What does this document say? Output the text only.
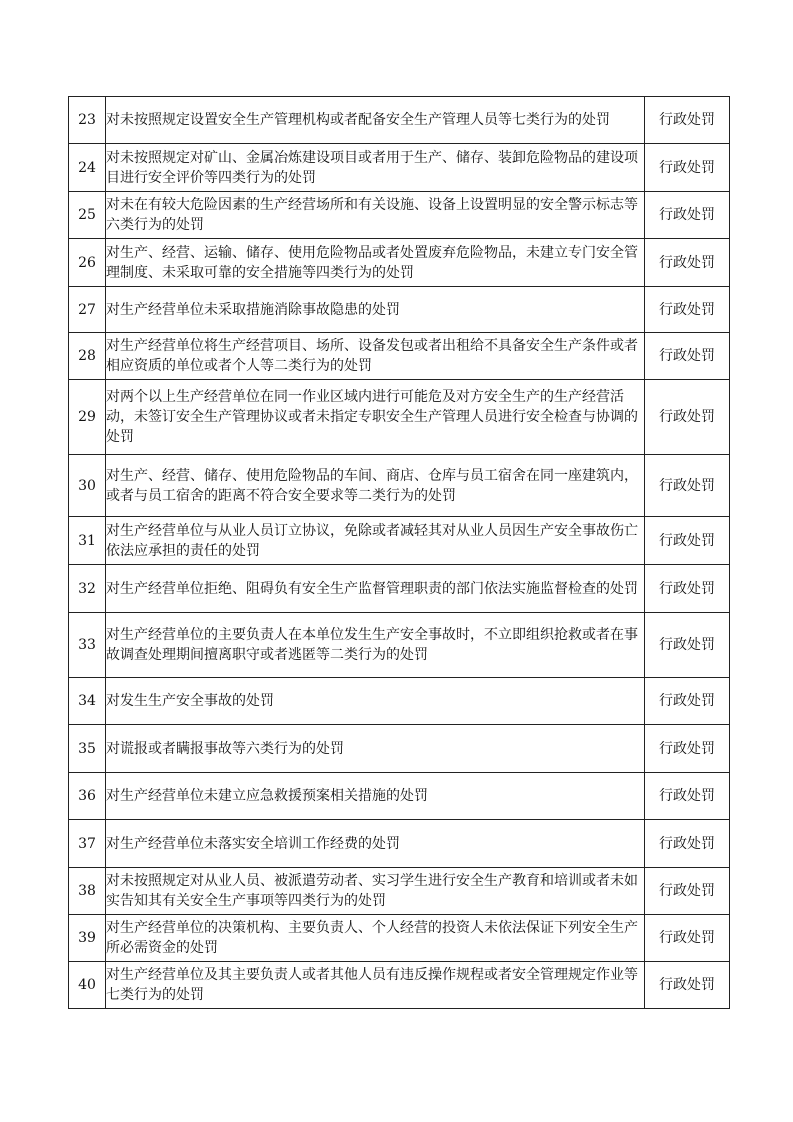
23	对未按照规定设置安全生产管理机构或者配备安全生产管理人员等七类行为的处罚	行政处罚
24	对未按照规定对矿山、金属冶炼建设项目或者用于生产、储存、装卸危险物品的建设项目进行安全评价等四类行为的处罚	行政处罚
25	对未在有较大危险因素的生产经营场所和有关设施、设备上设置明显的安全警示标志等六类行为的处罚	行政处罚
26	对生产、经营、运输、储存、使用危险物品或者处置废弃危险物品，未建立专门安全管理制度、未采取可靠的安全措施等四类行为的处罚	行政处罚
27	对生产经营单位未采取措施消除事故隐患的处罚	行政处罚
28	对生产经营单位将生产经营项目、场所、设备发包或者出租给不具备安全生产条件或者相应资质的单位或者个人等二类行为的处罚	行政处罚
29	对两个以上生产经营单位在同一作业区域内进行可能危及对方安全生产的生产经营活动，未签订安全生产管理协议或者未指定专职安全生产管理人员进行安全检查与协调的处罚	行政处罚
30	对生产、经营、储存、使用危险物品的车间、商店、仓库与员工宿舍在同一座建筑内，或者与员工宿舍的距离不符合安全要求等二类行为的处罚	行政处罚
31	对生产经营单位与从业人员订立协议，免除或者减轻其对从业人员因生产安全事故伤亡依法应承担的责任的处罚	行政处罚
32	对生产经营单位拒绝、阻碍负有安全生产监督管理职责的部门依法实施监督检查的处罚	行政处罚
33	对生产经营单位的主要负责人在本单位发生生产安全事故时，不立即组织抢救或者在事故调查处理期间擅离职守或者逃匿等二类行为的处罚	行政处罚
34	对发生生产安全事故的处罚	行政处罚
35	对谎报或者瞒报事故等六类行为的处罚	行政处罚
36	对生产经营单位未建立应急救援预案相关措施的处罚	行政处罚
37	对生产经营单位未落实安全培训工作经费的处罚	行政处罚
38	对未按照规定对从业人员、被派遣劳动者、实习学生进行安全生产教育和培训或者未如实告知其有关安全生产事项等四类行为的处罚	行政处罚
39	对生产经营单位的决策机构、主要负责人、个人经营的投资人未依法保证下列安全生产所必需资金的处罚	行政处罚
40	对生产经营单位及其主要负责人或者其他人员有违反操作规程或者安全管理规定作业等七类行为的处罚	行政处罚
